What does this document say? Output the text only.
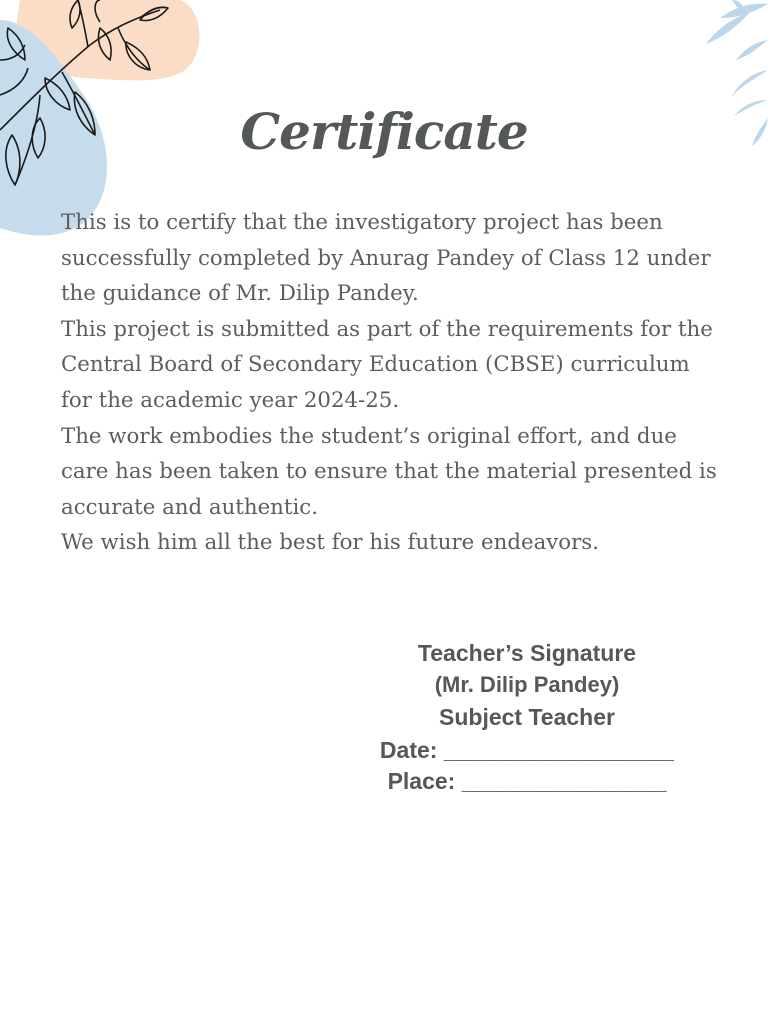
Certificate

This is to certify that the investigatory project has been successfully completed by Anurag Pandey of Class 12 under the guidance of Mr. Dilip Pandey.

This project is submitted as part of the requirements for the Central Board of Secondary Education (CBSE) curriculum for the academic year 2024-25.

The work embodies the student’s original effort, and due care has been taken to ensure that the material presented is accurate and authentic.

We wish him all the best for his future endeavors.

Teacher’s Signature
(Mr. Dilip Pandey)
Subject Teacher
Date: __________________
Place: ________________
